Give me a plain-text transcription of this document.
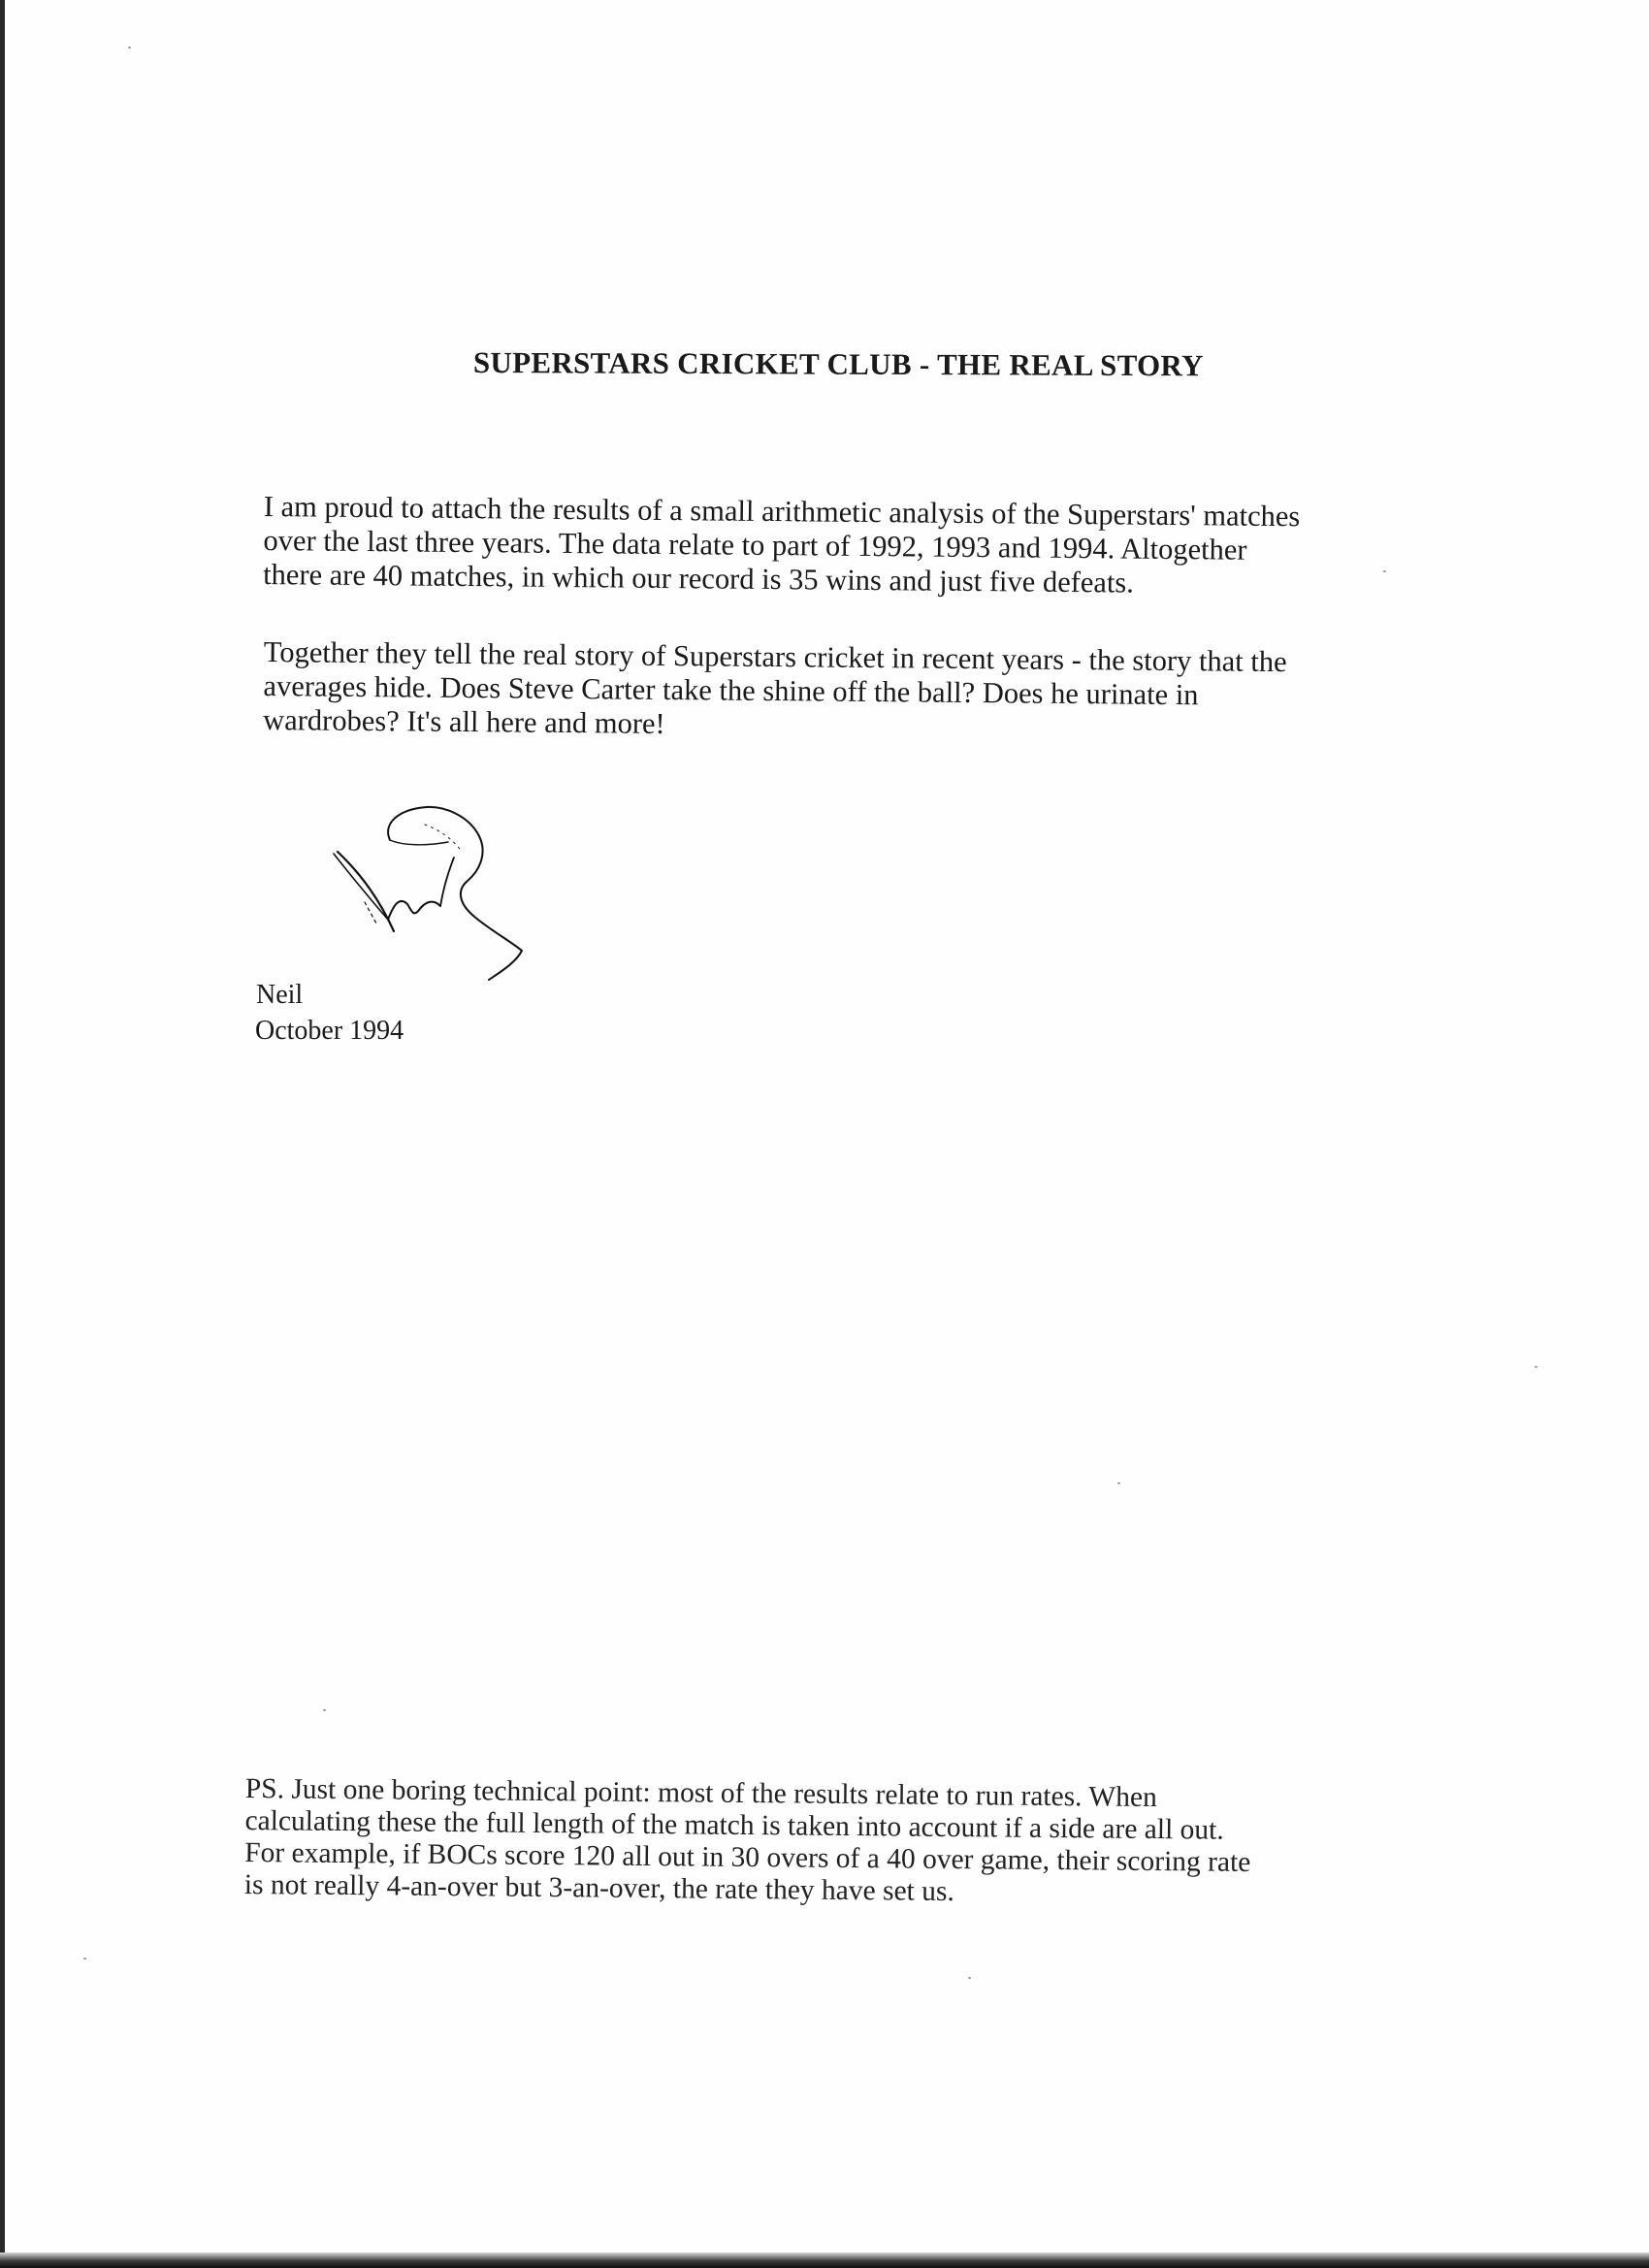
SUPERSTARS CRICKET CLUB - THE REAL STORY
I am proud to attach the results of a small arithmetic analysis of the Superstars' matches
over the last three years. The data relate to part of 1992, 1993 and 1994. Altogether
there are 40 matches, in which our record is 35 wins and just five defeats.
Together they tell the real story of Superstars cricket in recent years - the story that the
averages hide. Does Steve Carter take the shine off the ball? Does he urinate in
wardrobes? It's all here and more!
Neil
October 1994
PS. Just one boring technical point: most of the results relate to run rates. When
calculating these the full length of the match is taken into account if a side are all out.
For example, if BOCs score 120 all out in 30 overs of a 40 over game, their scoring rate
is not really 4-an-over but 3-an-over, the rate they have set us.
